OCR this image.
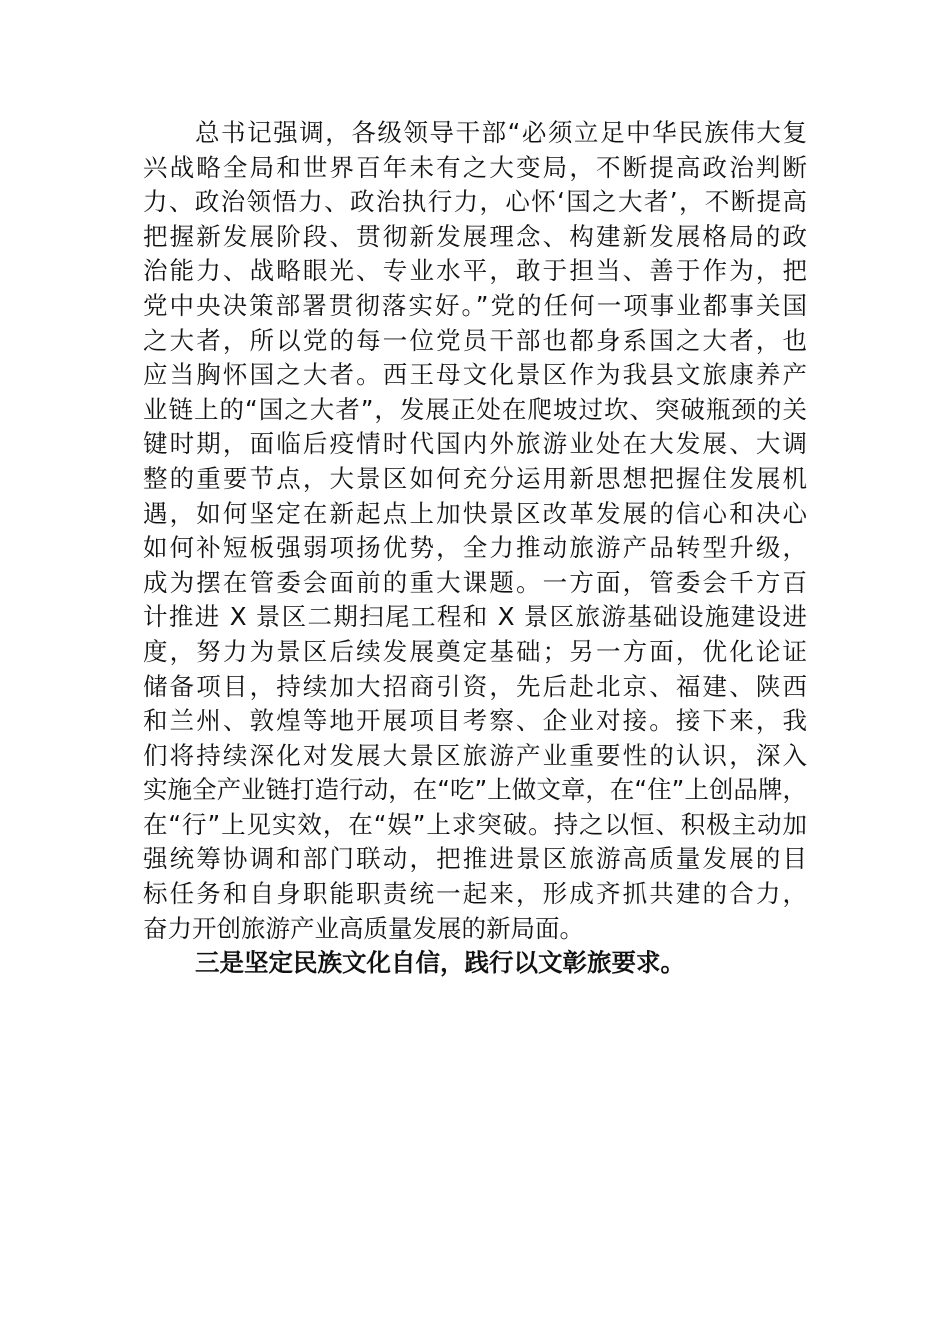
总书记强调，各级领导干部“必须立足中华民族伟大复
兴战略全局和世界百年未有之大变局，不断提高政治判断
力、政治领悟力、政治执行力，心怀‘国之大者’，不断提高
把握新发展阶段、贯彻新发展理念、构建新发展格局的政
治能力、战略眼光、专业水平，敢于担当、善于作为，把
党中央决策部署贯彻落实好。”党的任何一项事业都事关国
之大者，所以党的每一位党员干部也都身系国之大者，也
应当胸怀国之大者。西王母文化景区作为我县文旅康养产
业链上的“国之大者”，发展正处在爬坡过坎、突破瓶颈的关
键时期，面临后疫情时代国内外旅游业处在大发展、大调
整的重要节点，大景区如何充分运用新思想把握住发展机
遇，如何坚定在新起点上加快景区改革发展的信心和决心
如何补短板强弱项扬优势，全力推动旅游产品转型升级，
成为摆在管委会面前的重大课题。一方面，管委会千方百
计推进 X 景区二期扫尾工程和 X 景区旅游基础设施建设进
度，努力为景区后续发展奠定基础；另一方面，优化论证
储备项目，持续加大招商引资，先后赴北京、福建、陕西
和兰州、敦煌等地开展项目考察、企业对接。接下来，我
们将持续深化对发展大景区旅游产业重要性的认识，深入
实施全产业链打造行动，在“吃”上做文章，在“住”上创品牌，
在“行”上见实效，在“娱”上求突破。持之以恒、积极主动加
强统筹协调和部门联动，把推进景区旅游高质量发展的目
标任务和自身职能职责统一起来，形成齐抓共建的合力，
奋力开创旅游产业高质量发展的新局面。
三是坚定民族文化自信，践行以文彰旅要求。
